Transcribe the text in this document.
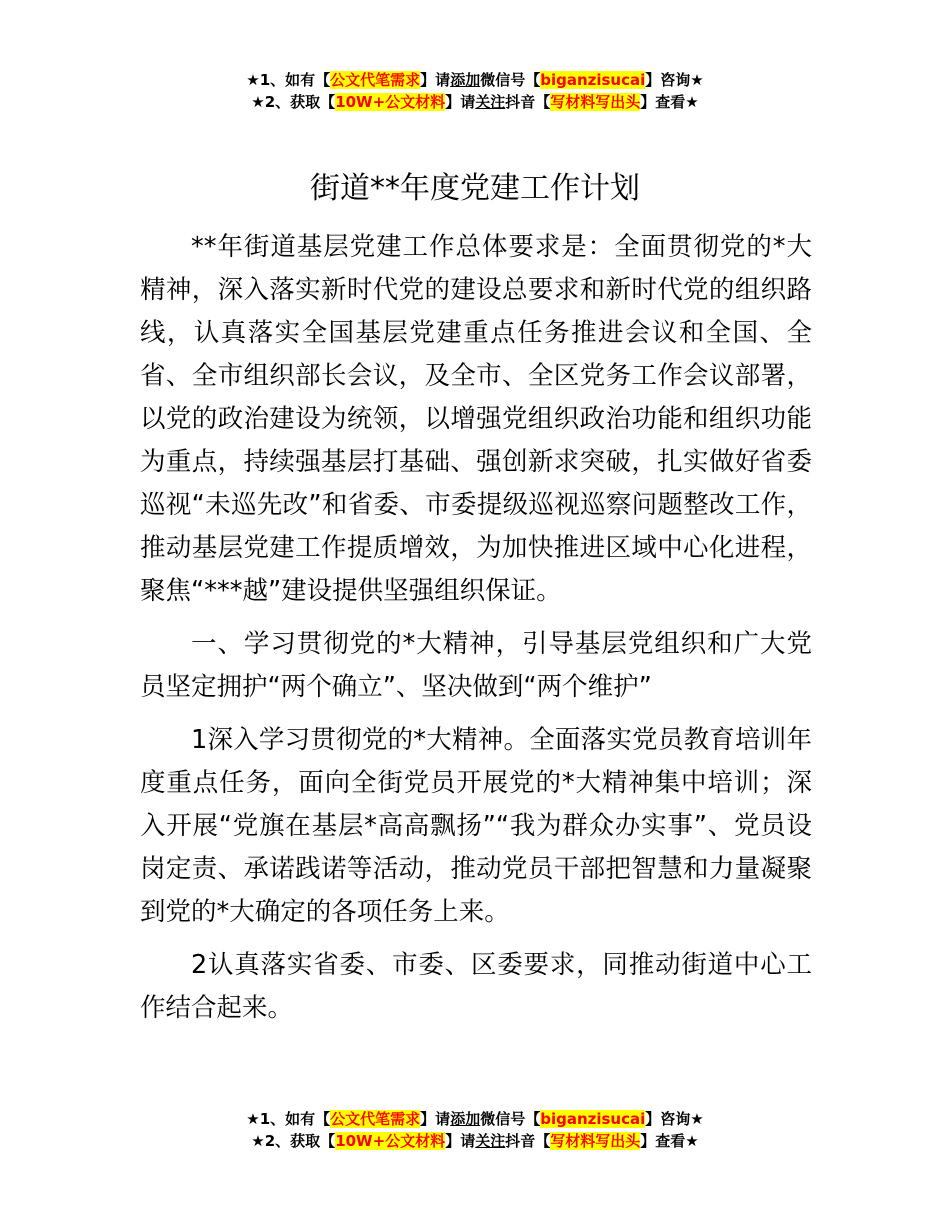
★1、如有【公文代笔需求】请添加微信号【biganzisucai】咨询★
★2、获取【10W+公文材料】请关注抖音【写材料写出头】查看★
街道**年度党建工作计划

**年街道基层党建工作总体要求是：全面贯彻党的*大精神，深入落实新时代党的建设总要求和新时代党的组织路线，认真落实全国基层党建重点任务推进会议和全国、全省、全市组织部长会议，及全市、全区党务工作会议部署，以党的政治建设为统领，以增强党组织政治功能和组织功能为重点，持续强基层打基础、强创新求突破，扎实做好省委巡视“未巡先改”和省委、市委提级巡视巡察问题整改工作，推动基层党建工作提质增效，为加快推进区域中心化进程，聚焦“***越”建设提供坚强组织保证。

一、学习贯彻党的*大精神，引导基层党组织和广大党员坚定拥护“两个确立”、坚决做到“两个维护”

1深入学习贯彻党的*大精神。全面落实党员教育培训年度重点任务，面向全街党员开展党的*大精神集中培训；深入开展“党旗在基层*高高飘扬”“我为群众办实事”、党员设岗定责、承诺践诺等活动，推动党员干部把智慧和力量凝聚到党的*大确定的各项任务上来。

2认真落实省委、市委、区委要求，同推动街道中心工作结合起来。

★1、如有【公文代笔需求】请添加微信号【biganzisucai】咨询★
★2、获取【10W+公文材料】请关注抖音【写材料写出头】查看★
